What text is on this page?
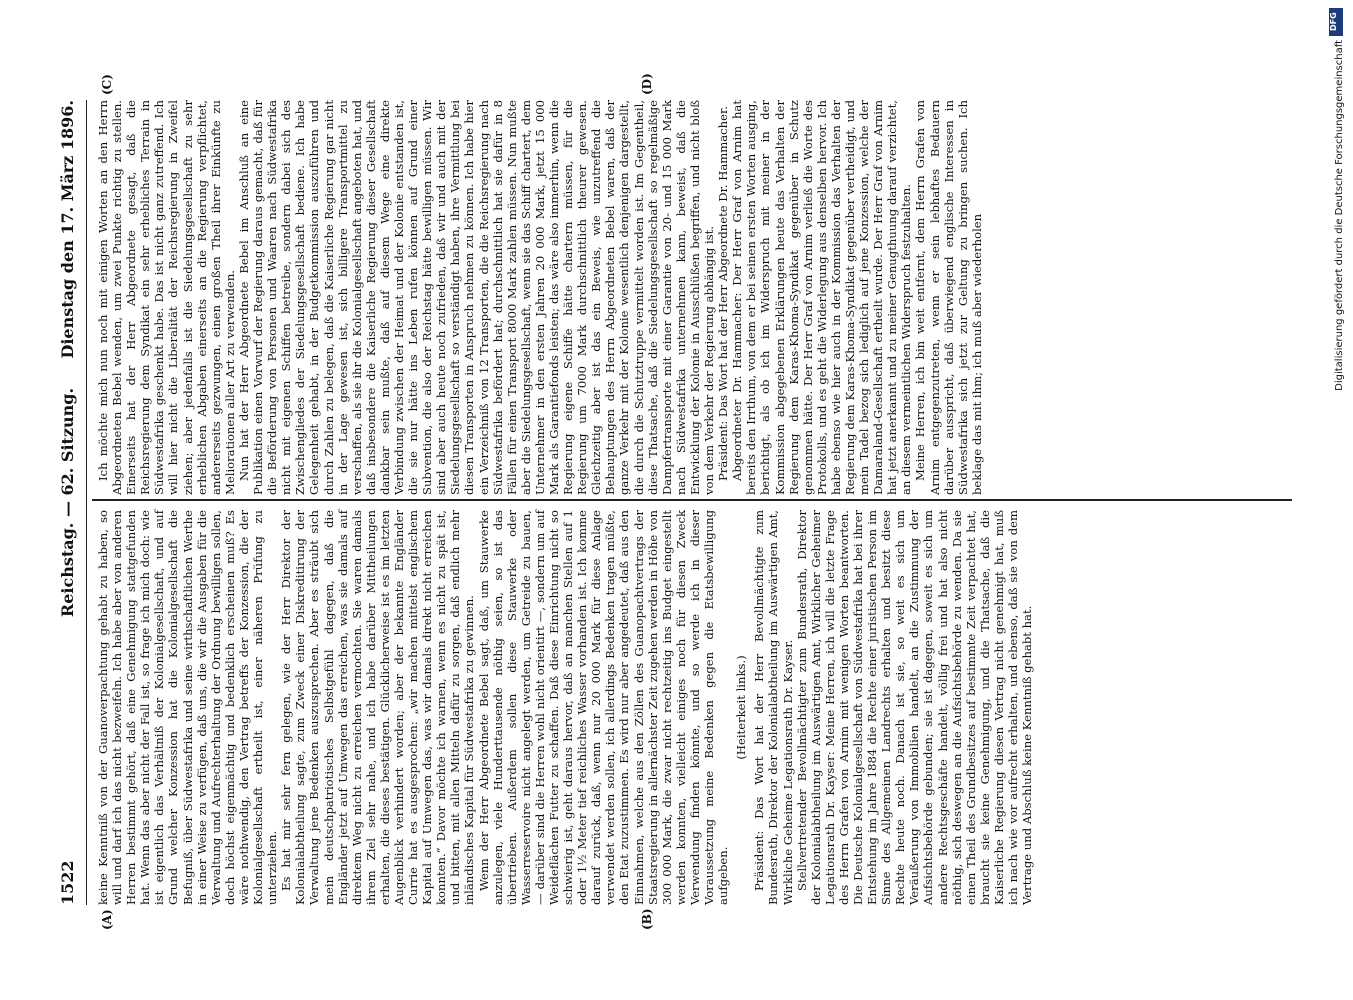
1522
Reichstag. — 62. Sitzung.
Dienstag den 17. März 1896.
(A)	(B)
(C)	(D)

keine Kenntniß von der Guanoverpachtung gehabt zu haben, so will und darf ich das nicht bezweifeln. Ich habe aber von anderen Herren bestimmt gehört, daß eine Genehmigung stattgefunden hat. Wenn das aber nicht der Fall ist, so frage ich mich doch: wie ist eigentlich das Verhältniß der Kolonialgesellschaft, und auf Grund welcher Konzession hat die Kolonialgesellschaft die Befugniß, über Südwestafrika und seine wirthschaftlichen Werthe in einer Weise zu verfügen, daß uns, die wir die Ausgaben für die Verwaltung und Aufrechterhaltung der Ordnung bewilligen sollen, doch höchst eigenmächtig und bedenklich erscheinen muß? Es wäre nothwendig, den Vertrag betreffs der Konzession, die der Kolonialgesellschaft ertheilt ist, einer näheren Prüfung zu unterziehen. Es hat mir sehr fern gelegen, wie der Herr Direktor der Kolonialabtheilung sagte, zum Zweck einer Diskreditirung der Verwaltung jene Bedenken auszusprechen. Aber es sträubt sich mein deutschpatriotisches Selbstgefühl dagegen, daß die Engländer jetzt auf Umwegen das erreichen, was sie damals auf direktem Weg nicht zu erreichen vermochten. Sie waren damals ihrem Ziel sehr nahe, und ich habe darüber Mittheilungen erhalten, die dieses bestätigen. Glücklicherweise ist es im letzten Augenblick verhindert worden; aber der bekannte Engländer Currie hat es ausgesprochen: „wir machen mittelst englischem Kapital auf Umwegen das, was wir damals direkt nicht erreichen konnten.“ Davor möchte ich warnen, wenn es nicht zu spät ist, und bitten, mit allen Mitteln dafür zu sorgen, daß endlich mehr inländisches Kapital für Südwestafrika zu gewinnen. Wenn der Herr Abgeordnete Bebel sagt, daß, um Stauwerke anzulegen, viele Hunderttausende nöthig seien, so ist das übertrieben. Außerdem sollen diese Stauwerke oder Wasserreservoire nicht angelegt werden, um Getreide zu bauen, — darüber sind die Herren wohl nicht orientirt —, sondern um auf Weideflächen Futter zu schaffen. Daß diese Einrichtung nicht so schwierig ist, geht daraus hervor, daß an manchen Stellen auf 1 oder 1½ Meter tief reichliches Wasser vorhanden ist. Ich komme darauf zurück, daß, wenn nur 20 000 Mark für diese Anlage verwendet werden sollen, ich allerdings Bedenken tragen müßte, den Etat zuzustimmen. Es wird nur aber angedeutet, daß aus den Einnahmen, welche aus den Zöllen des Guanopachtvertrags der Staatsregierung in allernächster Zeit zugehen werden in Höhe von 300 000 Mark, die zwar nicht rechtzeitig ins Budget eingestellt werden konnten, vielleicht einiges noch für diesen Zweck Verwendung finden könnte, und so werde ich in dieser Voraussetzung meine Bedenken gegen die Etatsbewilligung aufgeben.

(Heiterkeit links.) Präsident: Das Wort hat der Herr Bevollmächtigte zum Bundesrath, Direktor der Kolonialabtheilung im Auswärtigen Amt, Wirkliche Geheime Legationsrath Dr. Kayser. Stellvertretender Bevollmächtigter zum Bundesrath, Direktor der Kolonialabtheilung im Auswärtigen Amt, Wirklicher Geheimer Legationsrath Dr. Kayser: Meine Herren, ich will die letzte Frage des Herrn Grafen von Arnim mit wenigen Worten beantworten. Die Deutsche Kolonialgesellschaft von Südwestafrika hat bei ihrer Entstehung im Jahre 1884 die Rechte einer juristischen Person im Sinne des Allgemeinen Landrechts erhalten und besitzt diese Rechte heute noch. Danach ist sie, so weit es sich um Veräußerung von Immobilien handelt, an die Zustimmung der Aufsichtsbehörde gebunden; sie ist dagegen, soweit es sich um andere Rechtsgeschäfte handelt, völlig frei und hat also nicht nöthig, sich deswegen an die Aufsichtsbehörde zu wenden. Da sie einen Theil des Grundbesitzes auf bestimmte Zeit verpachtet hat, braucht sie keine Genehmigung, und die Thatsache, daß die Kaiserliche Regierung diesen Vertrag nicht genehmigt hat, muß ich nach wie vor aufrecht erhalten, und ebenso, daß sie von dem Vertrage und Abschluß keine Kenntniß gehabt hat.

Ich möchte mich nun noch mit einigen Worten an den Herrn Abgeordneten Bebel wenden, um zwei Punkte richtig zu stellen. Einerseits hat der Herr Abgeordnete gesagt, daß die Reichsregierung dem Syndikat ein sehr erhebliches Terrain in Südwestafrika geschenkt habe. Das ist nicht ganz zutreffend. Ich will hier nicht die Liberalität der Reichsregierung in Zweifel ziehen; aber jedenfalls ist die Siedelungsgesellschaft zu sehr erheblichen Abgaben einerseits an die Regierung verpflichtet, andererseits gezwungen, einen großen Theil ihrer Einkünfte zu Meliorationen aller Art zu verwenden. Nun hat der Herr Abgeordnete Bebel im Anschluß an eine Publikation einen Vorwurf der Regierung daraus gemacht, daß für die Beförderung von Personen und Waaren nach Südwestafrika nicht mit eigenen Schiffen betreibe, sondern dabei sich des Zwischengliedes der Siedelungsgesellschaft bediene. Ich habe Gelegenheit gehabt, in der Budgetkommission auszuführen und durch Zahlen zu belegen, daß die Kaiserliche Regierung gar nicht in der Lage gewesen ist, sich billigere Transportmittel zu verschaffen, als sie ihr die Kolonialgesellschaft angeboten hat, und daß insbesondere die Kaiserliche Regierung dieser Gesellschaft dankbar sein mußte, daß auf diesem Wege eine direkte Verbindung zwischen der Heimat und der Kolonie entstanden ist, die sie nur hätte ins Leben rufen können auf Grund einer Subvention, die also der Reichstag hätte bewilligen müssen. Wir sind aber auch heute noch zufrieden, daß wir und auch mit der Siedelungsgesellschaft so verständigt haben, ihre Vermittlung bei diesen Transporten in Anspruch nehmen zu können. Ich habe hier ein Verzeichniß von 12 Transporten, die die Reichsregierung nach Südwestafrika befördert hat; durchschnittlich hat sie dafür in 8 Fällen für einen Transport 8000 Mark zahlen müssen. Nun mußte aber die Siedelungsgesellschaft, wenn sie das Schiff chartert, dem Unternehmer in den ersten Jahren 20 000 Mark, jetzt 15 000 Mark als Garantiefonds leisten; das wäre also immerhin, wenn die Regierung eigene Schiffe hätte chartern müssen, für die Regierung um 7000 Mark durchschnittlich theurer gewesen. Gleichzeitig aber ist das ein Beweis, wie unzutreffend die Behauptungen des Herrn Abgeordneten Bebel waren, daß der ganze Verkehr mit der Kolonie wesentlich denjenigen dargestellt, die durch die Schutztruppe vermittelt worden ist. Im Gegentheil, diese Thatsache, daß die Siedelungsgesellschaft so regelmäßige Dampfertransporte mit einer Garantie von 20- und 15 000 Mark nach Südwestafrika unternehmen kann, beweist, daß die Entwicklung der Kolonie in Ausschlüßen begriffen, und nicht bloß von dem Verkehr der Regierung abhängig ist. Präsident: Das Wort hat der Herr Abgeordnete Dr. Hammacher. Abgeordneter Dr. Hammacher: Der Herr Graf von Arnim hat bereits den Irrthum, von dem er bei seinen ersten Worten ausging, berichtigt, als ob ich im Widerspruch mit meiner in der Kommission abgegebenen Erklärungen heute das Verhalten der Regierung dem Karas-Khoma-Syndikat gegenüber in Schutz genommen hätte. Der Herr Graf von Arnim verließ die Worte des Protokolls, und es geht die Widerlegung aus denselben hervor. Ich habe ebenso wie hier auch in der Kommission das Verhalten der Regierung dem Karas-Khoma-Syndikat gegenüber vertheidigt, und mein Tadel bezog sich lediglich auf jene Konzession, welche der Damaraland-Gesellschaft ertheilt wurde. Der Herr Graf von Arnim hat jetzt anerkannt und zu meiner Genugthuung darauf verzichtet, an diesem vermeintlichen Widerspruch festzuhalten. Meine Herren, ich bin weit entfernt, dem Herrn Grafen von Arnim entgegenzutreten, wenn er sein lebhaftes Bedauern darüber ausspricht, daß überwiegend englische Interessen in Südwestafrika sich jetzt zur Geltung zu bringen suchen. Ich beklage das mit ihm; ich muß aber wiederholen

DFG
Digitalisierung gefördert durch die Deutsche Forschungsgemeinschaft
